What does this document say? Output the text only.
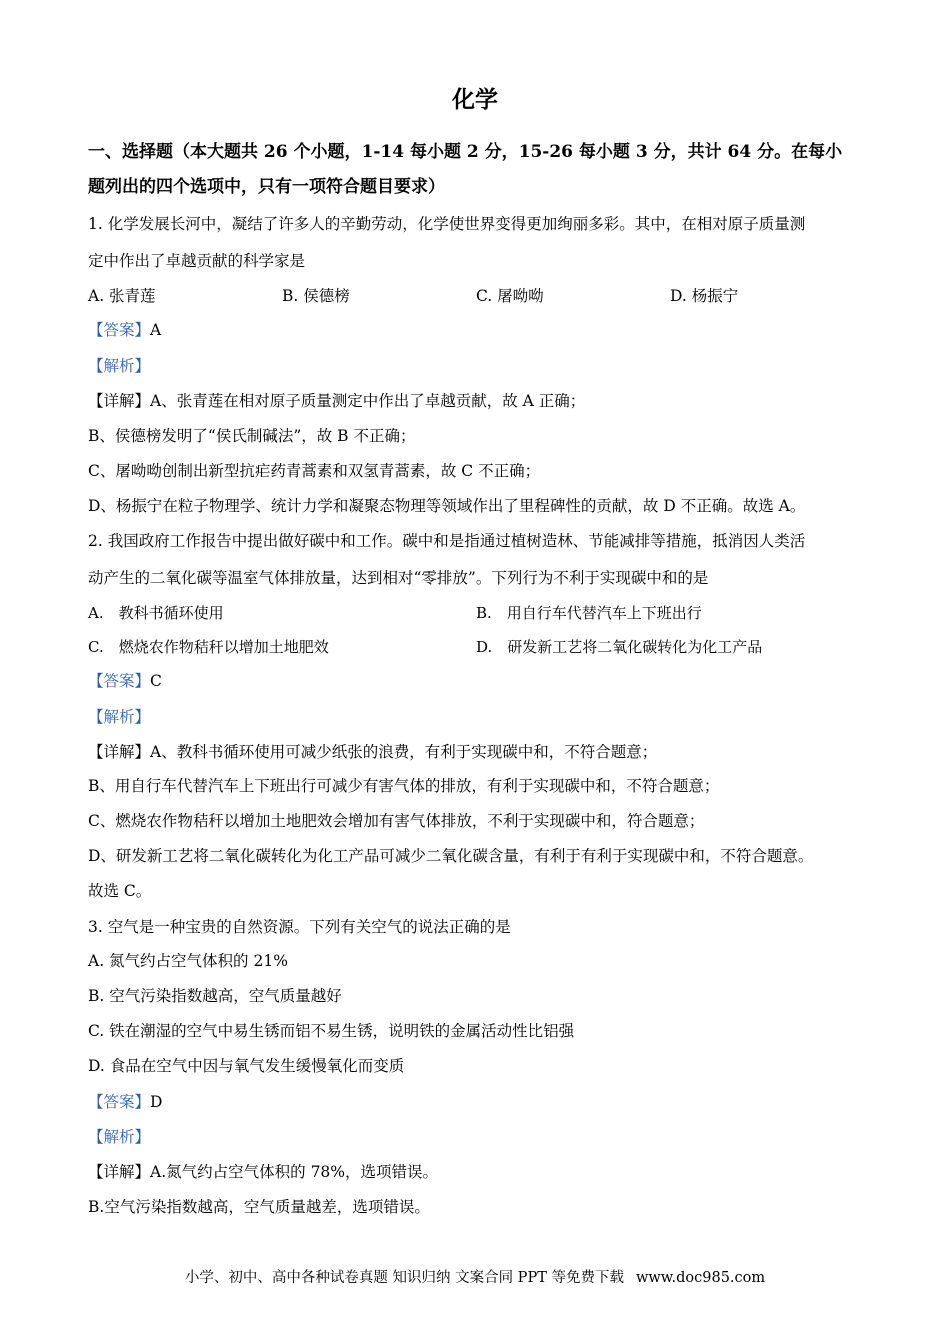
化学
一、选择题（本大题共 26 个小题，1-14 每小题 2 分，15-26 每小题 3 分，共计 64 分。在每小
题列出的四个选项中，只有一项符合题目要求）
1. 化学发展长河中，凝结了许多人的辛勤劳动，化学使世界变得更加绚丽多彩。其中，在相对原子质量测
定中作出了卓越贡献的科学家是
A. 张青莲	B. 侯德榜	C. 屠呦呦	D. 杨振宁
【答案】A
【解析】
【详解】A、张青莲在相对原子质量测定中作出了卓越贡献，故 A 正确；
B、侯德榜发明了“侯氏制碱法”，故 B 不正确；
C、屠呦呦创制出新型抗疟药青蒿素和双氢青蒿素，故 C 不正确；
D、杨振宁在粒子物理学、统计力学和凝聚态物理等领域作出了里程碑性的贡献，故 D 不正确。故选 A。
2. 我国政府工作报告中提出做好碳中和工作。碳中和是指通过植树造林、节能减排等措施，抵消因人类活
动产生的二氧化碳等温室气体排放量，达到相对“零排放”。下列行为不利于实现碳中和的是
A.　教科书循环使用	B.　用自行车代替汽车上下班出行
C.　燃烧农作物秸秆以增加土地肥效	D.　研发新工艺将二氧化碳转化为化工产品
【答案】C
【解析】
【详解】A、教科书循环使用可减少纸张的浪费，有利于实现碳中和，不符合题意；
B、用自行车代替汽车上下班出行可减少有害气体的排放，有利于实现碳中和，不符合题意；
C、燃烧农作物秸秆以增加土地肥效会增加有害气体排放，不利于实现碳中和，符合题意；
D、研发新工艺将二氧化碳转化为化工产品可减少二氧化碳含量，有利于有利于实现碳中和，不符合题意。
故选 C。
3. 空气是一种宝贵的自然资源。下列有关空气的说法正确的是
A. 氮气约占空气体积的 21%
B. 空气污染指数越高，空气质量越好
C. 铁在潮湿的空气中易生锈而铝不易生锈，说明铁的金属活动性比铝强
D. 食品在空气中因与氧气发生缓慢氧化而变质
【答案】D
【解析】
【详解】A.氮气约占空气体积的 78%，选项错误。
B.空气污染指数越高，空气质量越差，选项错误。
小学、初中、高中各种试卷真题 知识归纳 文案合同 PPT 等免费下载 www.doc985.com
